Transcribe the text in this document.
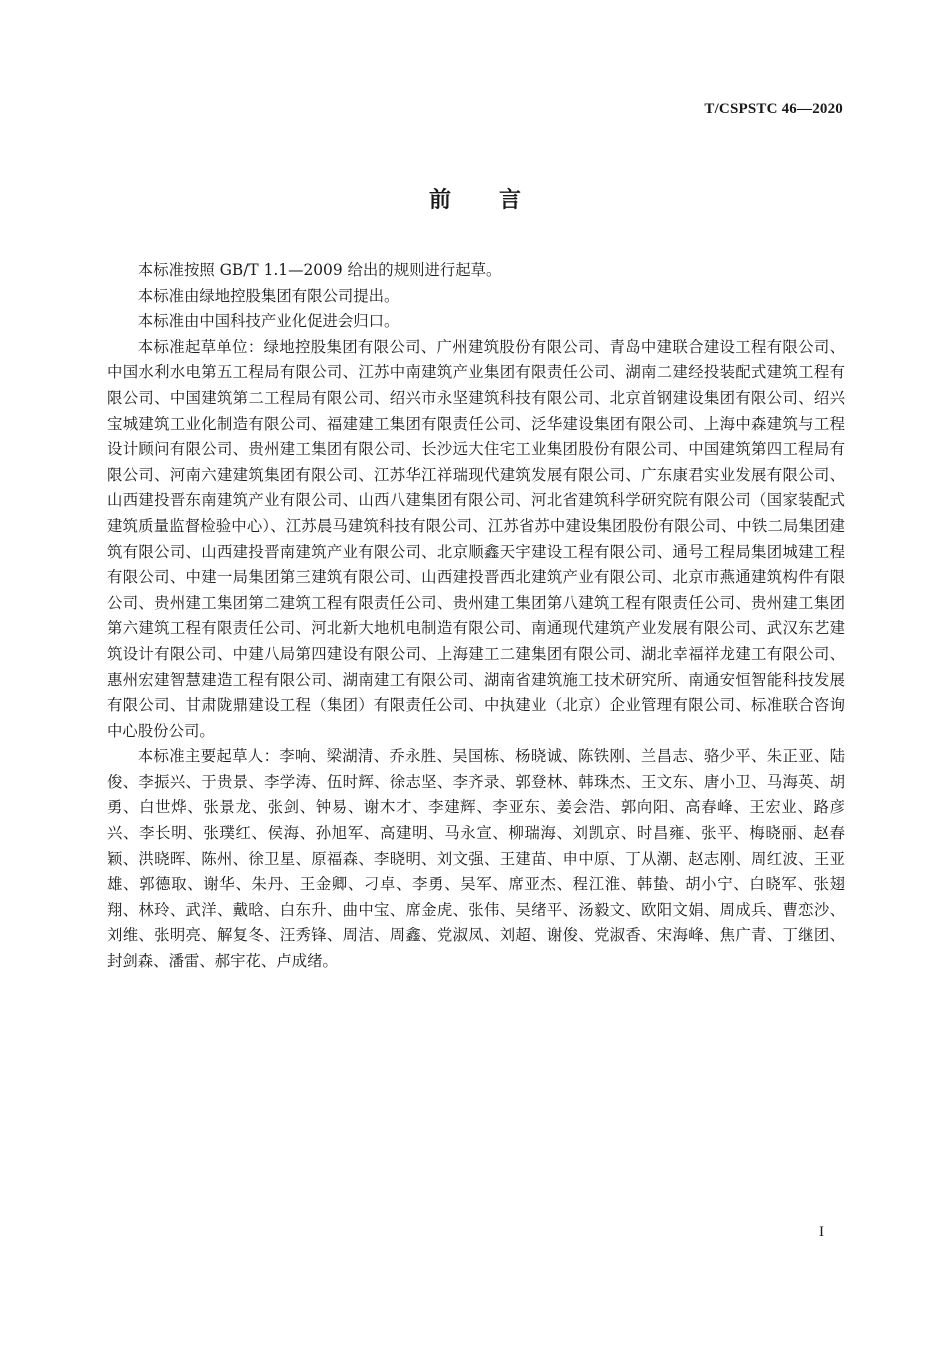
T/CSPSTC 46—2020
前言

本标准按照 GB/T 1.1—2009 给出的规则进行起草。

本标准由绿地控股集团有限公司提出。

本标准由中国科技产业化促进会归口。

本标准起草单位：绿地控股集团有限公司、广州建筑股份有限公司、青岛中建联合建设工程有限公司、中国水利水电第五工程局有限公司、江苏中南建筑产业集团有限责任公司、湖南二建经投装配式建筑工程有限公司、中国建筑第二工程局有限公司、绍兴市永坚建筑科技有限公司、北京首钢建设集团有限公司、绍兴宝城建筑工业化制造有限公司、福建建工集团有限责任公司、泛华建设集团有限公司、上海中森建筑与工程设计顾问有限公司、贵州建工集团有限公司、长沙远大住宅工业集团股份有限公司、中国建筑第四工程局有限公司、河南六建建筑集团有限公司、江苏华江祥瑞现代建筑发展有限公司、广东康君实业发展有限公司、山西建投晋东南建筑产业有限公司、山西八建集团有限公司、河北省建筑科学研究院有限公司（国家装配式建筑质量监督检验中心）、江苏晨马建筑科技有限公司、江苏省苏中建设集团股份有限公司、中铁二局集团建筑有限公司、山西建投晋南建筑产业有限公司、北京顺鑫天宇建设工程有限公司、通号工程局集团城建工程有限公司、中建一局集团第三建筑有限公司、山西建投晋西北建筑产业有限公司、北京市燕通建筑构件有限公司、贵州建工集团第二建筑工程有限责任公司、贵州建工集团第八建筑工程有限责任公司、贵州建工集团第六建筑工程有限责任公司、河北新大地机电制造有限公司、南通现代建筑产业发展有限公司、武汉东艺建筑设计有限公司、中建八局第四建设有限公司、上海建工二建集团有限公司、湖北幸福祥龙建工有限公司、惠州宏建智慧建造工程有限公司、湖南建工有限公司、湖南省建筑施工技术研究所、南通安恒智能科技发展有限公司、甘肃陇鼎建设工程（集团）有限责任公司、中执建业（北京）企业管理有限公司、标准联合咨询中心股份公司。

本标准主要起草人：李响、梁湖清、乔永胜、吴国栋、杨晓诚、陈铁刚、兰昌志、骆少平、朱正亚、陆俊、李振兴、于贵景、李学涛、伍时辉、徐志坚、李齐录、郭登林、韩珠杰、王文东、唐小卫、马海英、胡勇、白世烨、张景龙、张剑、钟易、谢木才、李建辉、李亚东、姜会浩、郭向阳、高春峰、王宏业、路彦兴、李长明、张璞红、侯海、孙旭军、高建明、马永宣、柳瑞海、刘凯京、时昌雍、张平、梅晓丽、赵春颖、洪晓晖、陈州、徐卫星、原福森、李晓明、刘文强、王建苗、申中原、丁从潮、赵志刚、周红波、王亚雄、郭德取、谢华、朱丹、王金卿、刁卓、李勇、吴军、席亚杰、程江淮、韩蛰、胡小宁、白晓军、张翅翔、林玲、武洋、戴晗、白东升、曲中宝、席金虎、张伟、吴绪平、汤毅文、欧阳文娟、周成兵、曹恋沙、刘维、张明亮、解复冬、汪秀锋、周洁、周鑫、党淑凤、刘超、谢俊、党淑香、宋海峰、焦广青、丁继团、封剑森、潘雷、郝宇花、卢成绪。

I
